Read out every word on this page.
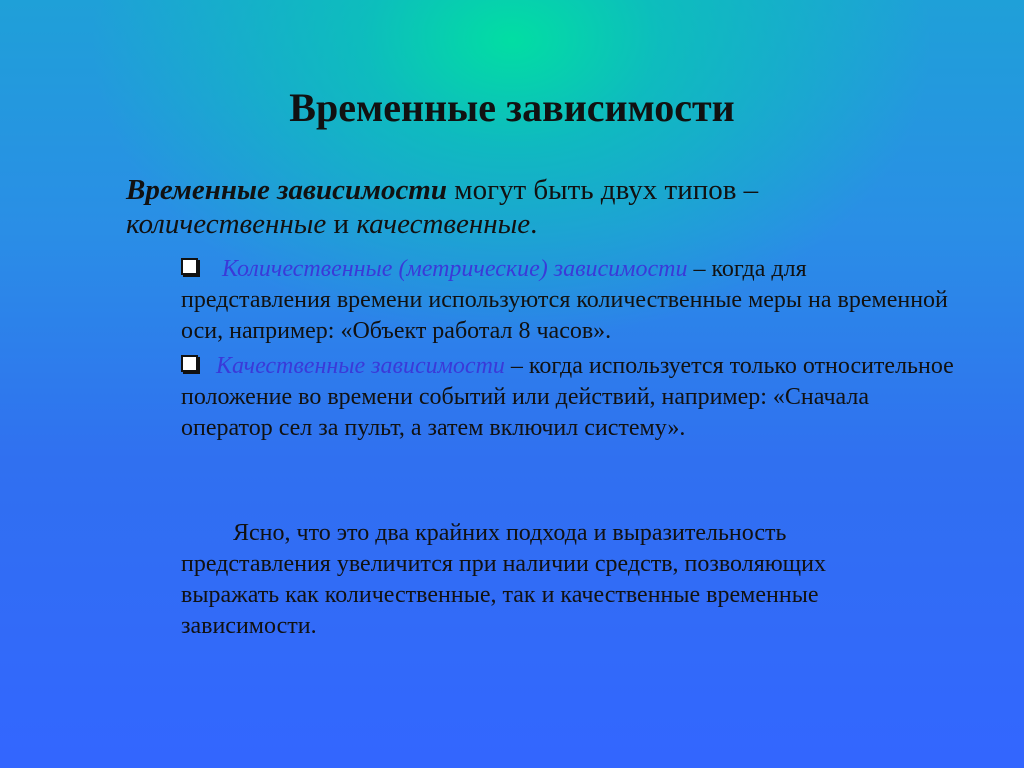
Временные зависимости

Временные зависимости могут быть двух типов – количественные и качественные.

Количественные (метрические) зависимости – когда для представления времени используются количественные меры на временной оси, например: «Объект работал 8 часов».

Качественные зависимости – когда используется только относительное положение во времени событий или действий, например: «Сначала оператор сел за пульт, а затем включил систему».

Ясно, что это два крайних подхода и выразительность представления увеличится при наличии средств, позволяющих выражать как количественные, так и качественные временные зависимости.
